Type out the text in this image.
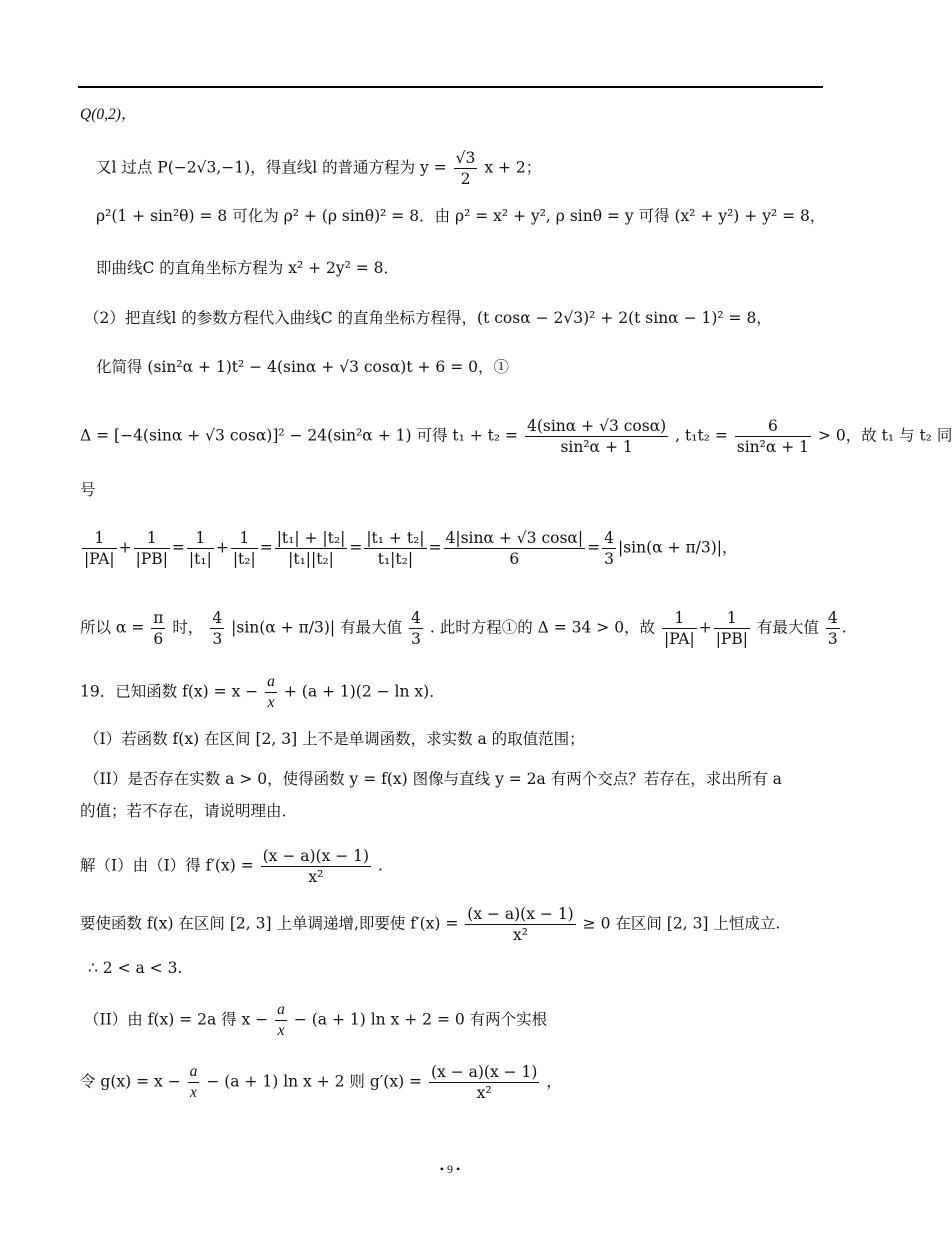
Q(0,2)，
又l 过点 P(−2√3,−1)，得直线l 的普通方程为 $y = \frac{√3}{2}$ x + 2；
ρ²(1 + sin²θ) = 8 可化为 ρ² + (ρ sinθ)² = 8．由 ρ² = x² + y², ρ sinθ = y 可得 (x² + y²) + y² = 8，
即曲线C 的直角坐标方程为 x² + 2y² = 8．
（2）把直线l 的参数方程代入曲线C 的直角坐标方程得，(t cosα − 2√3)² + 2(t sinα − 1)² = 8，
化简得 (sin²α + 1)t² − 4(sinα + √3 cosα)t + 6 = 0，①
Δ = [−4(sinα + √3 cosα)]² − 24(sin²α + 1) 可得 $t_1 + t_2 = \frac{4(\sin\alpha + √3 \cos\alpha)}{\text{sin²α + 1}}$ , $t_1t_2 = \frac{6}{\text{sin²α + 1}} > 0$，故 t₁ 与 t₂ 同
号
$\frac{1}{|PA|} + \frac{1}{|PB|} = \frac{1}{\text{|t₁|}} + \frac{1}{\text{|t₂|}} = \frac{\text{|t₁| + |t₂|}}{\text{|t₁||t₂|}} = \frac{\text{|t₁ + t₂|}}{\text{t₁|t₂|}} = \frac{4|\sin\alpha + √3 \cos\alpha|}{6} = \frac{4}{3} |\sin(\alpha + \pi/3)|$，
所以 $\alpha = \frac{\pi}{6}$ 时， $\frac{4}{3} |\sin(\alpha + \pi/3)|$ 有最大值 $\frac{4}{3}$ . 此时方程①的 Δ = 34 > 0，故 $\frac{1}{|PA|} + \frac{1}{|PB|}$ 有最大值 $\frac{4}{3}$ .
19．已知函数 $f(x) = x - \frac{a}{x} + (a + 1)(2 - \ln x)$．
（I）若函数 f(x) 在区间 [2, 3] 上不是单调函数，求实数 a 的取值范围；
（II）是否存在实数 a > 0，使得函数 y = f(x) 图像与直线 y = 2a 有两个交点？若存在，求出所有 a
的值；若不存在，请说明理由．
解（I）由（I）得 $f'(x) = \frac{(x - a)(x - 1)}{\text{x²}}$ .
要使函数 f(x) 在区间 [2, 3] 上单调递增,即要使 $f'(x) = \frac{(x - a)(x - 1)}{\text{x²}} \ge 0$ 在区间 [2, 3] 上恒成立.
∴ 2 < a < 3.
（II）由 f(x) = 2a 得 $x - \frac{a}{x} - (a + 1)$ ln x + 2 = 0 有两个实根
令 $g(x) = x - \frac{a}{x} - (a + 1)$ ln x + 2 则 $g'(x) = \frac{(x - a)(x - 1)}{\text{x²}}$ ，
• 9 •
